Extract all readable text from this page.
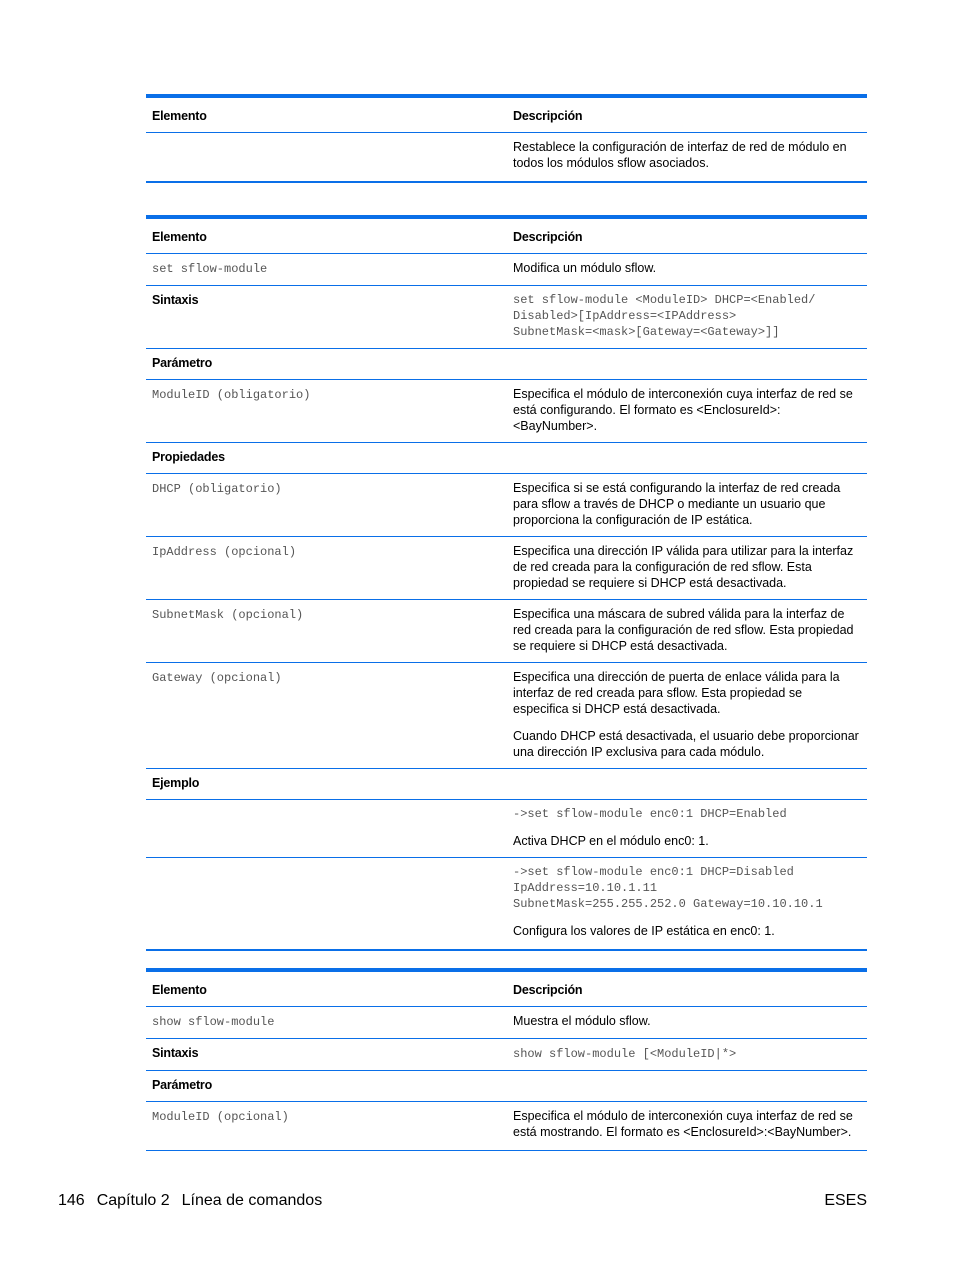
Elemento	Descripción
	Restablece la configuración de interfaz de red de módulo en todos los módulos sflow asociados.
Elemento	Descripción
set sflow-module	Modifica un módulo sflow.
Sintaxis	set sflow-module <ModuleID> DHCP=<Enabled/
Disabled>[IpAddress=<IPAddress>
SubnetMask=<mask>[Gateway=<Gateway>]]

Parámetro	
ModuleID (obligatorio)	Especifica el módulo de interconexión cuya interfaz de red se está configurando. El formato es <EnclosureId>:<BayNumber>.
Propiedades	
DHCP (obligatorio)	Especifica si se está configurando la interfaz de red creada para sflow a través de DHCP o mediante un usuario que proporciona la configuración de IP estática.
IpAddress (opcional)	Especifica una dirección IP válida para utilizar para la interfaz de red creada para la configuración de red sflow. Esta propiedad se requiere si DHCP está desactivada.
SubnetMask (opcional)	Especifica una máscara de subred válida para la interfaz de red creada para la configuración de red sflow. Esta propiedad se requiere si DHCP está desactivada.
Gateway (opcional)	Especifica una dirección de puerta de enlace válida para la interfaz de red creada para sflow. Esta propiedad se especifica si DHCP está desactivada.
Cuando DHCP está desactivada, el usuario debe proporcionar una dirección IP exclusiva para cada módulo.

Ejemplo	

	->set sflow-module enc0:1 DHCP=Enabled
Activa DHCP en el módulo enc0: 1.

	->set sflow-module enc0:1 DHCP=Disabled
IpAddress=10.10.1.11
SubnetMask=255.255.252.0 Gateway=10.10.10.1
Configura los valores de IP estática en enc0: 1.
Elemento	Descripción
show sflow-module	Muestra el módulo sflow.
Sintaxis	show sflow-module [<ModuleID|*>
Parámetro	
ModuleID (opcional)	Especifica el módulo de interconexión cuya interfaz de red se está mostrando. El formato es <EnclosureId>:<BayNumber>.
146 Capítulo 2 Línea de comandos	ESES
